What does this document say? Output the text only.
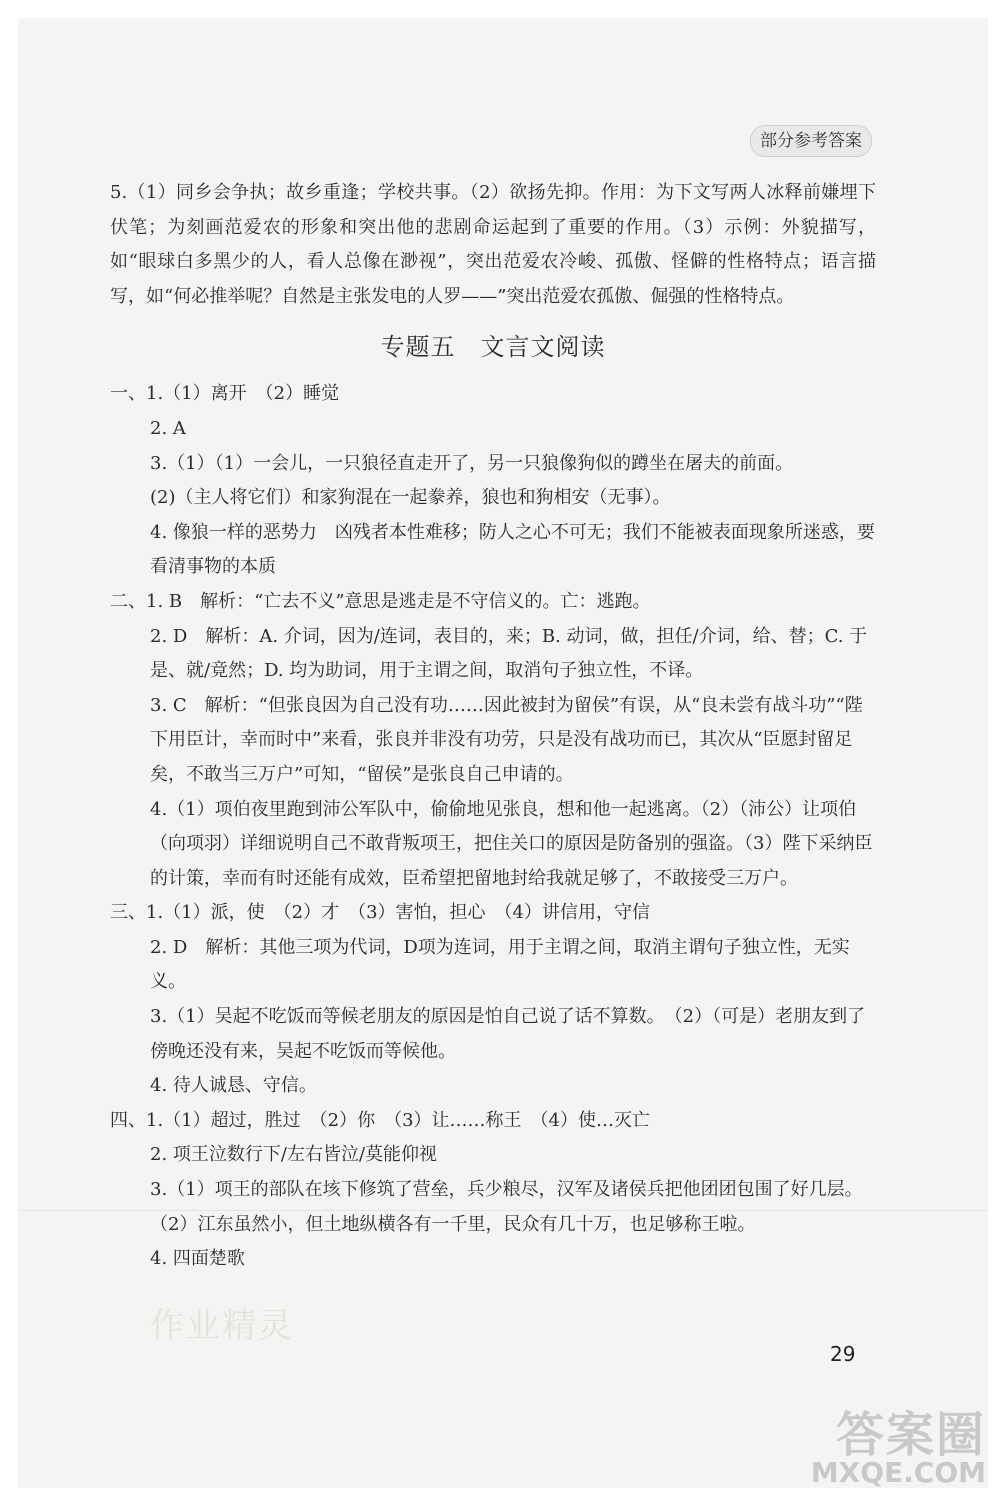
部分参考答案

5.（1）同乡会争执；故乡重逢；学校共事。（2）欲扬先抑。作用：为下文写两人冰释前嫌埋下伏笔；为刻画范爱农的形象和突出他的悲剧命运起到了重要的作用。（3）示例：外貌描写，如“眼球白多黑少的人，看人总像在渺视”，突出范爱农冷峻、孤傲、怪僻的性格特点；语言描写，如“何必推举呢？自然是主张发电的人罗——”突出范爱农孤傲、倔强的性格特点。

专题五　文言文阅读

一、1.（1）离开　（2）睡觉

2. A

3.（1）（1）一会儿，一只狼径直走开了，另一只狼像狗似的蹲坐在屠夫的前面。

(2)（主人将它们）和家狗混在一起豢养，狼也和狗相安（无事）。

4. 像狼一样的恶势力　凶残者本性难移；防人之心不可无；我们不能被表面现象所迷惑，要看清事物的本质

二、1. B　解析：“亡去不义”意思是逃走是不守信义的。亡：逃跑。

2. D　解析：A. 介词，因为/连词，表目的，来；B. 动词，做，担任/介词，给、替；C. 于是、就/竟然；D. 均为助词，用于主谓之间，取消句子独立性，不译。

3. C　解析：“但张良因为自己没有功……因此被封为留侯”有误，从“良未尝有战斗功”“陛下用臣计，幸而时中”来看，张良并非没有功劳，只是没有战功而已，其次从“臣愿封留足矣，不敢当三万户”可知，“留侯”是张良自己申请的。

4.（1）项伯夜里跑到沛公军队中，偷偷地见张良，想和他一起逃离。（2）（沛公）让项伯（向项羽）详细说明自己不敢背叛项王，把住关口的原因是防备别的强盗。（3）陛下采纳臣的计策，幸而有时还能有成效，臣希望把留地封给我就足够了，不敢接受三万户。

三、1.（1）派，使　（2）才　（3）害怕，担心　（4）讲信用，守信

2. D　解析：其他三项为代词，D项为连词，用于主谓之间，取消主谓句子独立性，无实义。

3.（1）吴起不吃饭而等候老朋友的原因是怕自己说了话不算数。　（2）（可是）老朋友到了傍晚还没有来，吴起不吃饭而等候他。

4. 待人诚恳、守信。

四、1.（1）超过，胜过　（2）你　（3）让……称王　（4）使…灭亡

2. 项王泣数行下/左右皆泣/莫能仰视

3.（1）项王的部队在垓下修筑了营垒，兵少粮尽，汉军及诸侯兵把他团团包围了好几层。（2）江东虽然小，但土地纵横各有一千里，民众有几十万，也足够称王啦。

4. 四面楚歌

作业精灵
29
答案圈
MXQE.COM
